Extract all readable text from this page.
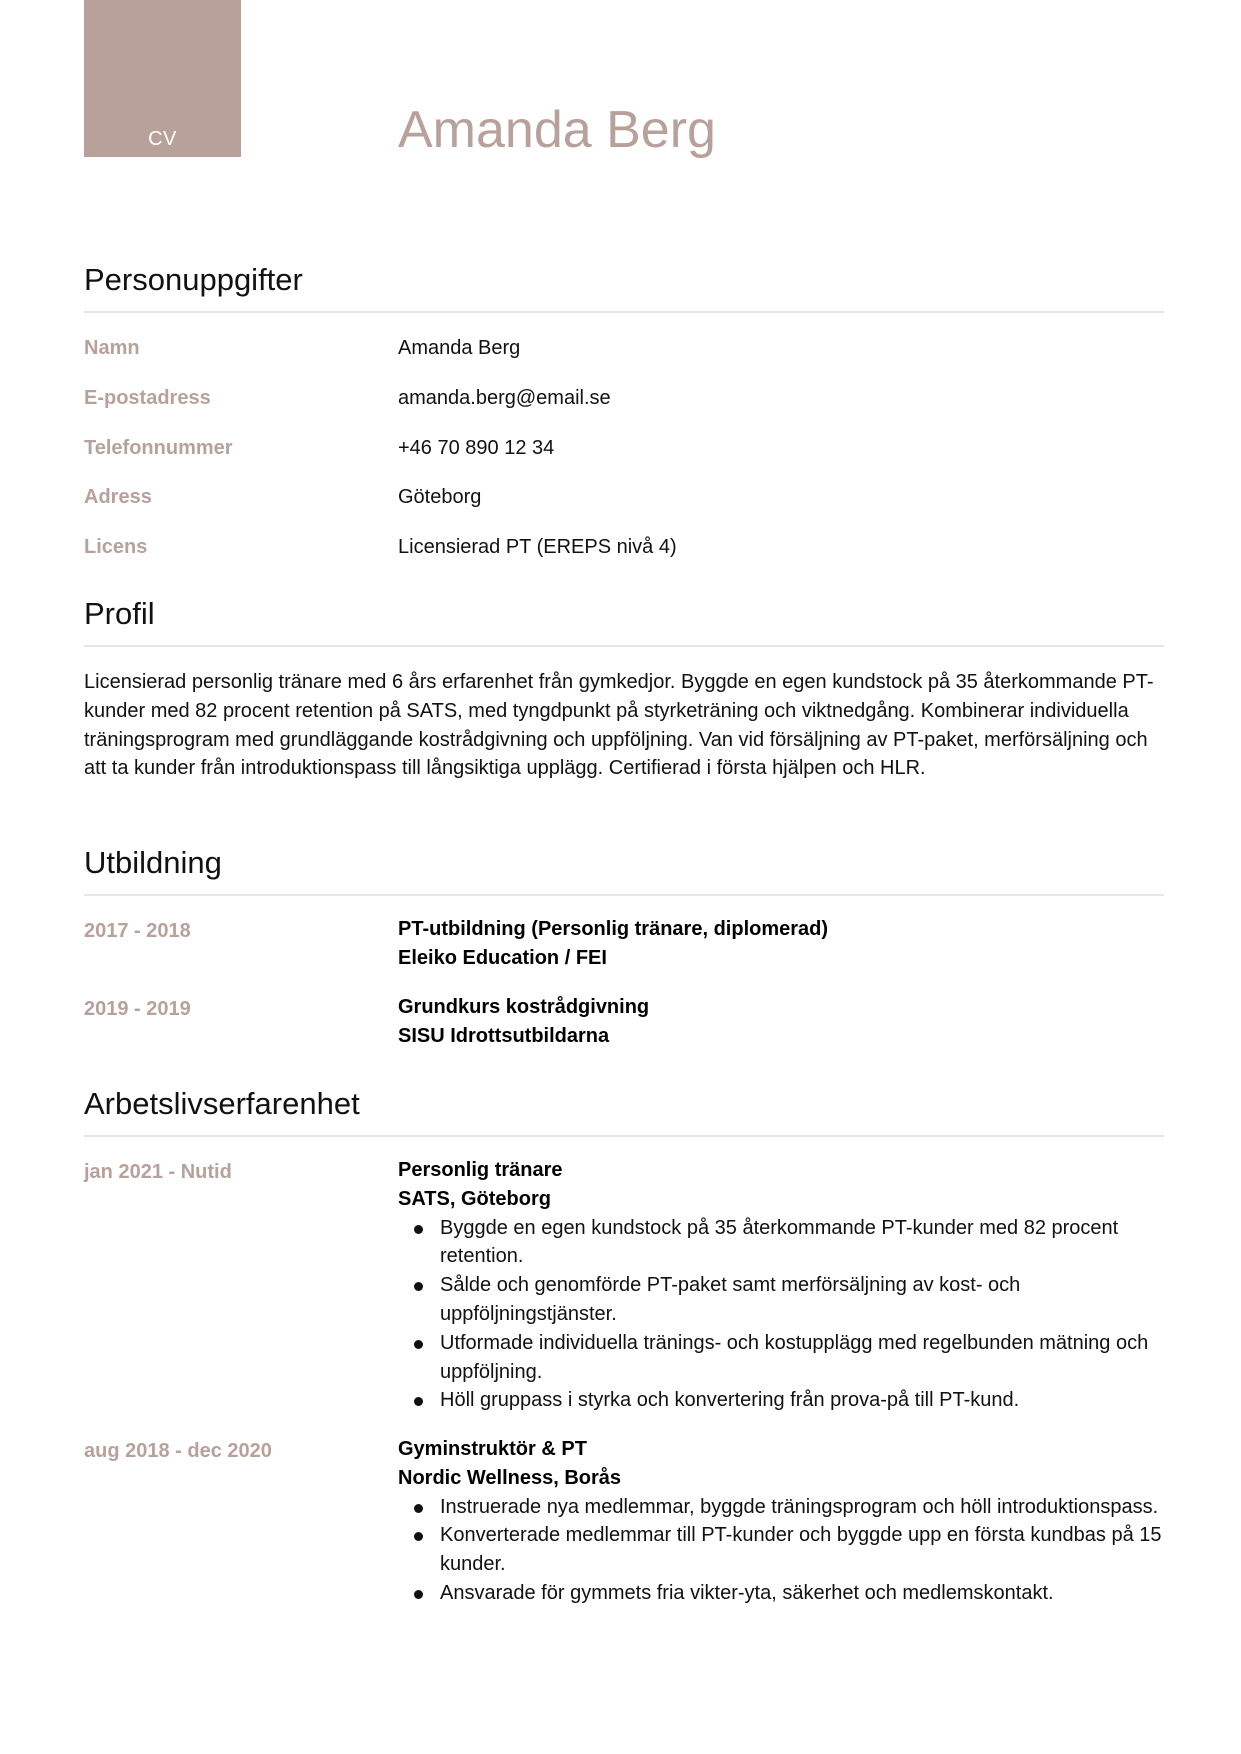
CV	Amanda Berg
Personuppgifter
Namn	Amanda Berg
E-postadress	amanda.berg@email.se
Telefonnummer	+46 70 890 12 34
Adress	Göteborg
Licens	Licensierad PT (EREPS nivå 4)
Profil
Licensierad personlig tränare med 6 års erfarenhet från gymkedjor. Byggde en egen kundstock på 35 återkommande PT-kunder med 82 procent retention på SATS, med tyngdpunkt på styrketräning och viktnedgång. Kombinerar individuella träningsprogram med grundläggande kostrådgivning och uppföljning. Van vid försäljning av PT-paket, merförsäljning och att ta kunder från introduktionspass till långsiktiga upplägg. Certifierad i första hjälpen och HLR.
Utbildning
2017 - 2018	PT-utbildning (Personlig tränare, diplomerad)
Eleiko Education / FEI
2019 - 2019	Grundkurs kostrådgivning
SISU Idrottsutbildarna
Arbetslivserfarenhet
jan 2021 - Nutid	Personlig tränare
SATS, Göteborg
Byggde en egen kundstock på 35 återkommande PT-kunder med 82 procent retention.
Sålde och genomförde PT-paket samt merförsäljning av kost- och uppföljningstjänster.
Utformade individuella tränings- och kostupplägg med regelbunden mätning och uppföljning.
Höll gruppass i styrka och konvertering från prova-på till PT-kund.
aug 2018 - dec 2020	Gyminstruktör & PT
Nordic Wellness, Borås
Instruerade nya medlemmar, byggde träningsprogram och höll introduktionspass.
Konverterade medlemmar till PT-kunder och byggde upp en första kundbas på 15 kunder.
Ansvarade för gymmets fria vikter-yta, säkerhet och medlemskontakt.
